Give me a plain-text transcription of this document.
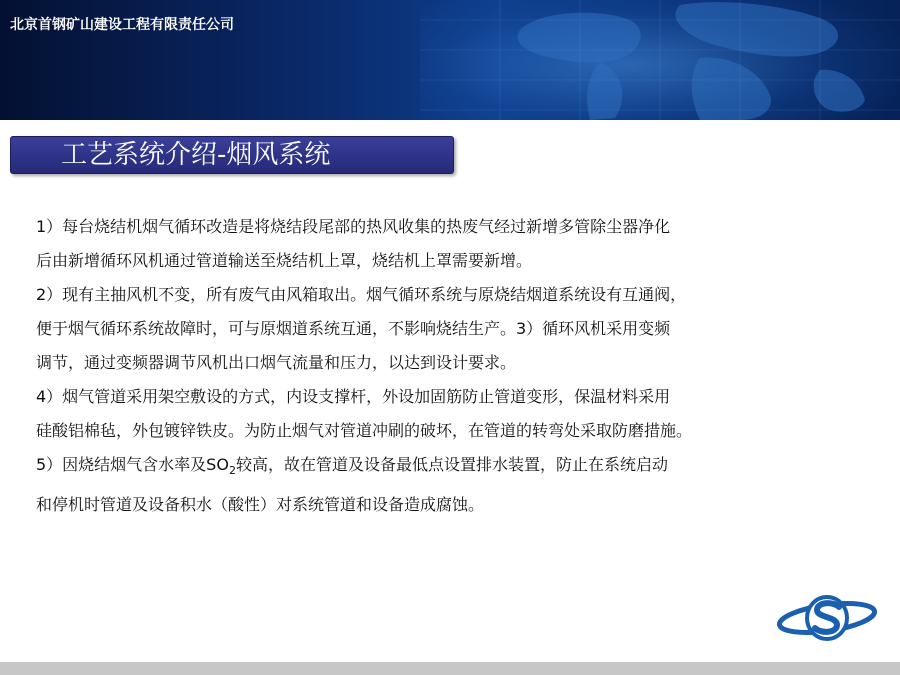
北京首钢矿山建设工程有限责任公司
工艺系统介绍-烟风系统
1）每台烧结机烟气循环改造是将烧结段尾部的热风收集的热废气经过新增多管除尘器净化
后由新增循环风机通过管道输送至烧结机上罩，烧结机上罩需要新增。
2）现有主抽风机不变，所有废气由风箱取出。烟气循环系统与原烧结烟道系统设有互通阀，
便于烟气循环系统故障时，可与原烟道系统互通，不影响烧结生产。3）循环风机采用变频
调节，通过变频器调节风机出口烟气流量和压力，以达到设计要求。
4）烟气管道采用架空敷设的方式，内设支撑杆，外设加固筋防止管道变形，保温材料采用
硅酸铝棉毡，外包镀锌铁皮。为防止烟气对管道冲刷的破坏，在管道的转弯处采取防磨措施。
5）因烧结烟气含水率及$SO_2$较高，故在管道及设备最低点设置排水装置，防止在系统启动
和停机时管道及设备积水（酸性）对系统管道和设备造成腐蚀。
